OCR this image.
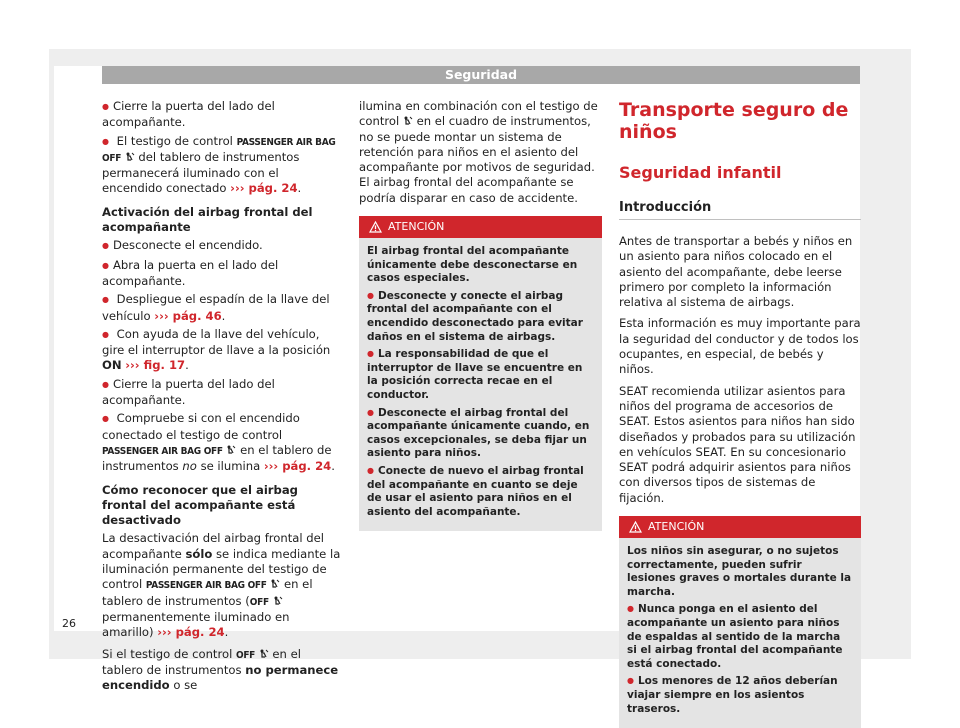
Seguridad
● Cierre la puerta del lado del acompañante.
● El testigo de control PASSENGER AIR BAG OFF del tablero de instrumentos permanecerá iluminado con el encendido conectado ››› pág. 24.
Activación del airbag frontal del acompañante
● Desconecte el encendido.
● Abra la puerta en el lado del acompañante.
● Despliegue el espadín de la llave del vehículo ››› pág. 46.
● Con ayuda de la llave del vehículo, gire el interruptor de llave a la posición ON ››› fig. 17.
● Cierre la puerta del lado del acompañante.
● Compruebe si con el encendido conectado el testigo de control PASSENGER AIR BAG OFF en el tablero de instrumentos no se ilumina ››› pág. 24.
Cómo reconocer que el airbag frontal del acompañante está desactivado

La desactivación del airbag frontal del acompañante sólo se indica mediante la iluminación permanente del testigo de control PASSENGER AIR BAG OFF en el tablero de instrumentos (OFF  permanentemente iluminado en amarillo) ››› pág. 24.

Si el testigo de control OFF en el tablero de instrumentos no permanece encendido o se

ilumina en combinación con el testigo de control en el cuadro de instrumentos, no se puede montar un sistema de retención para niños en el asiento del acompañante por motivos de seguridad. El airbag frontal del acompañante se podría disparar en caso de accidente.

ATENCIÓN

El airbag frontal del acompañante únicamente debe desconectarse en casos especiales.

● Desconecte y conecte el airbag frontal del acompañante con el encendido desconectado para evitar daños en el sistema de airbags.
● La responsabilidad de que el interruptor de llave se encuentre en la posición correcta recae en el conductor.
● Desconecte el airbag frontal del acompañante únicamente cuando, en casos excepcionales, se deba fijar un asiento para niños.
● Conecte de nuevo el airbag frontal del acompañante en cuanto se deje de usar el asiento para niños en el asiento del acompañante.
Transporte seguro de niños
Seguridad infantil
Introducción

Antes de transportar a bebés y niños en un asiento para niños colocado en el asiento del acompañante, debe leerse primero por completo la información relativa al sistema de airbags.

Esta información es muy importante para la seguridad del conductor y de todos los ocupantes, en especial, de bebés y niños.

SEAT recomienda utilizar asientos para niños del programa de accesorios de SEAT. Estos asientos para niños han sido diseñados y probados para su utilización en vehículos SEAT. En su concesionario SEAT podrá adquirir asientos para niños con diversos tipos de sistemas de fijación.

ATENCIÓN

Los niños sin asegurar, o no sujetos correctamente, pueden sufrir lesiones graves o mortales durante la marcha.

● Nunca ponga en el asiento del acompañante un asiento para niños de espaldas al sentido de la marcha si el airbag frontal del acompañante está conectado.
● Los menores de 12 años deberían viajar siempre en los asientos traseros.
26
